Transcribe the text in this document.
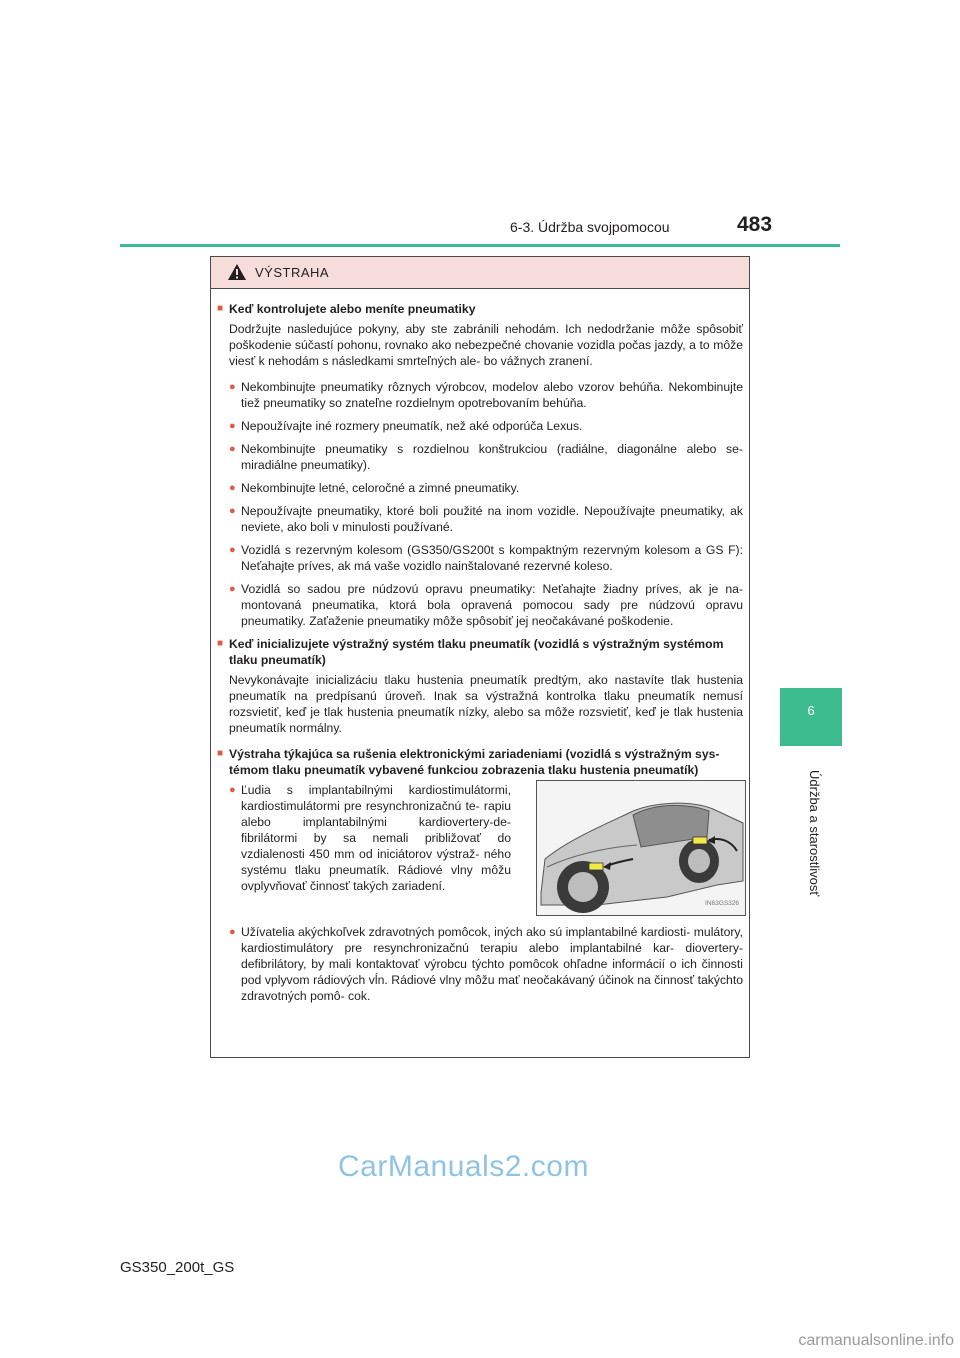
6-3. Údržba svojpomocou	483
6
Údržba a starostlivosť
VÝSTRAHA
■ Keď kontrolujete alebo meníte pneumatiky
Dodržujte nasledujúce pokyny, aby ste zabránili nehodám. Ich nedodržanie môže spôsobiť poškodenie súčastí pohonu, rovnako ako nebezpečné chovanie vozidla počas jazdy, a to môže viesť k nehodám s následkami smrteľných ale- bo vážnych zranení.
● Nekombinujte pneumatiky rôznych výrobcov, modelov alebo vzorov behúňa. Nekombinujte tiež pneumatiky so znateľne rozdielnym opotrebovaním behúňa.
● Nepoužívajte iné rozmery pneumatík, než aké odporúča Lexus.
● Nekombinujte pneumatiky s rozdielnou konštrukciou (radiálne, diagonálne alebo se- miradiálne pneumatiky).
● Nekombinujte letné, celoročné a zimné pneumatiky.
● Nepoužívajte pneumatiky, ktoré boli použité na inom vozidle. Nepoužívajte pneumatiky, ak neviete, ako boli v minulosti používané.
● Vozidlá s rezervným kolesom (GS350/GS200t s kompaktným rezervným kolesom a GS F): Neťahajte príves, ak má vaše vozidlo nainštalované rezervné koleso.
● Vozidlá so sadou pre núdzovú opravu pneumatiky: Neťahajte žiadny príves, ak je na- montovaná pneumatika, ktorá bola opravená pomocou sady pre núdzovú opravu pneumatiky. Zaťaženie pneumatiky môže spôsobiť jej neočakávané poškodenie.
■ Keď inicializujete výstražný systém tlaku pneumatík (vozidlá s výstražným systémom tlaku pneumatík)
Nevykonávajte inicializáciu tlaku hustenia pneumatík predtým, ako nastavíte tlak hustenia pneumatík na predpísanú úroveň. Inak sa výstražná kontrolka tlaku pneumatík nemusí rozsvietiť, keď je tlak hustenia pneumatík nízky, alebo sa môže rozsvietiť, keď je tlak hustenia pneumatík normálny.
■ Výstraha týkajúca sa rušenia elektronickými zariadeniami (vozidlá s výstražným sys- témom tlaku pneumatík vybavené funkciou zobrazenia tlaku hustenia pneumatík)
● Ľudia s implantabilnými kardiostimulátormi, kardiostimulátormi pre resynchronizačnú te- rapiu alebo implantabilnými kardiovertery-de- fibrilátormi by sa nemali približovať do vzdialenosti 450 mm od iniciátorov výstraž- ného systému tlaku pneumatík. Rádiové vlny môžu ovplyvňovať činnosť takých zariadení.
IN63GS326
● Užívatelia akýchkoľvek zdravotných pomôcok, iných ako sú implantabilné kardiosti- mulátory, kardiostimulátory pre resynchronizačnú terapiu alebo implantabilné kar- diovertery-defibrilátory, by mali kontaktovať výrobcu týchto pomôcok ohľadne informácií o ich činnosti pod vplyvom rádiových vĺn. Rádiové vlny môžu mať neočakávaný účinok na činnosť takýchto zdravotných pomô- cok.
CarManuals2.com
GS350_200t_GS
carmanualsonline.info
